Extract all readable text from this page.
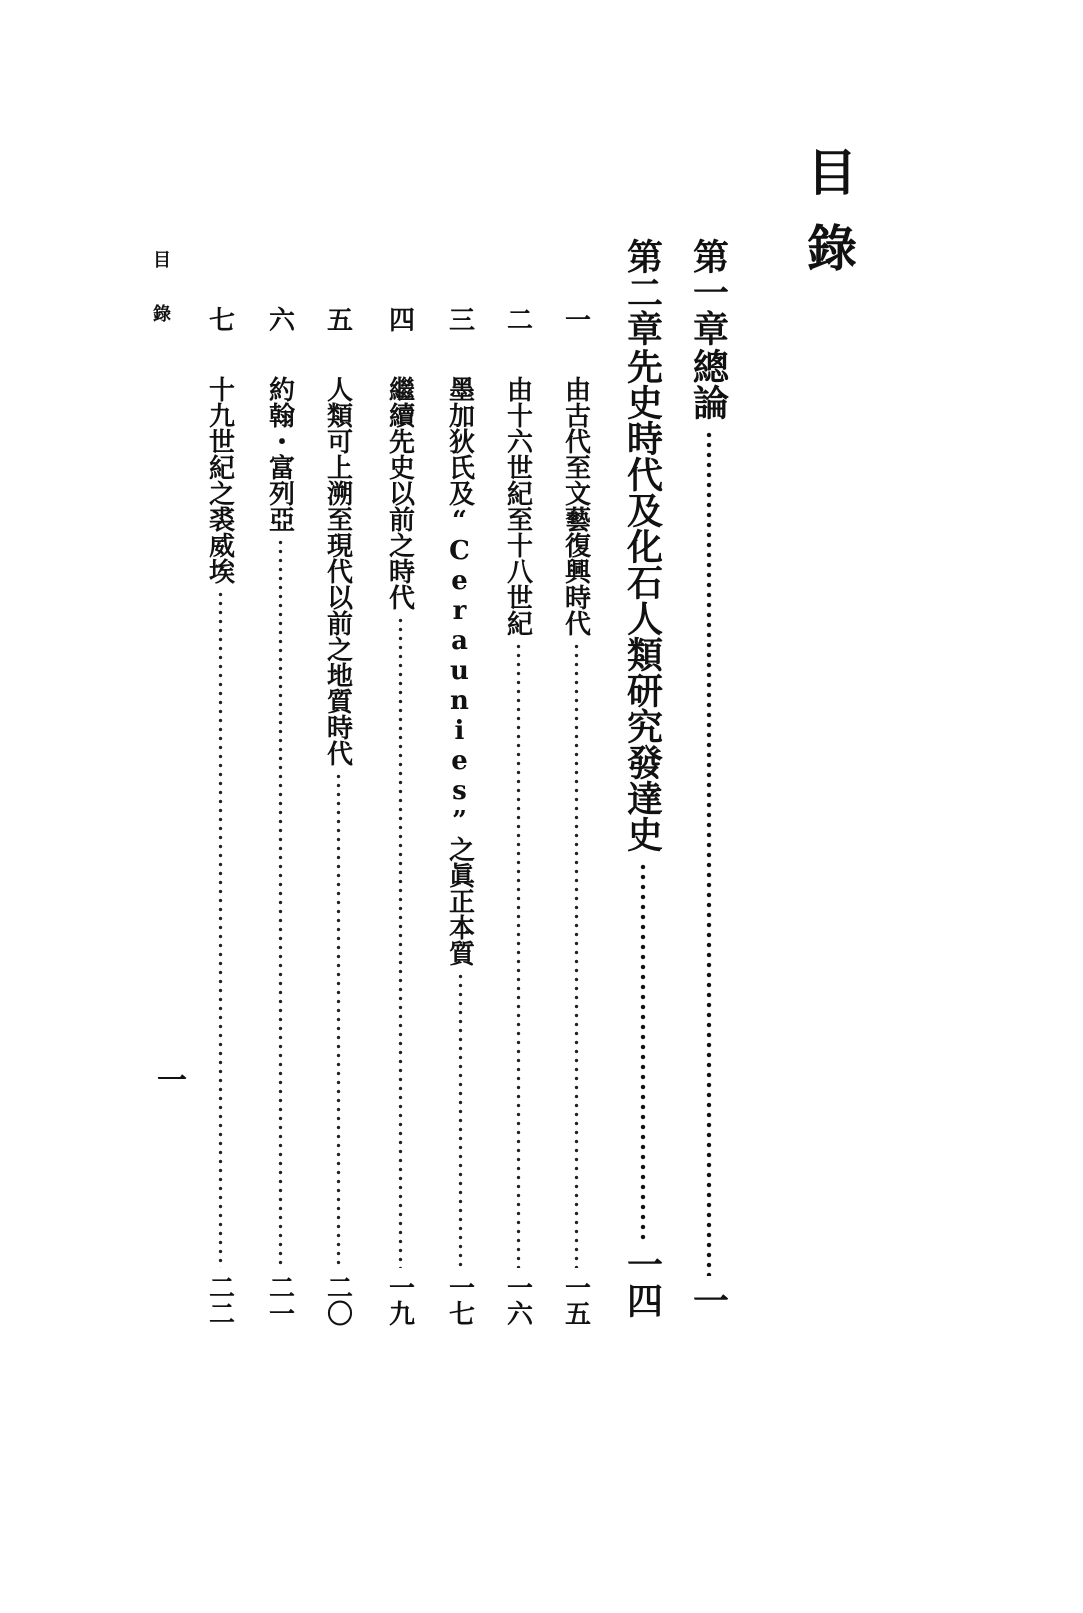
目錄
第一章
總論
一
第二章
先史時代及化石人類研究發達史
一四
一
由古代至文藝復興時代
一五
二
由十六世紀至十八世紀
一六
三
墨加狄氏及“Ceraunies”之眞正本質
一七
四
繼續先史以前之時代
一九
五
人類可上溯至現代以前之地質時代
二〇
六
約翰・富列亞
二一
七
十九世紀之裘威埃
二二
目錄
一
